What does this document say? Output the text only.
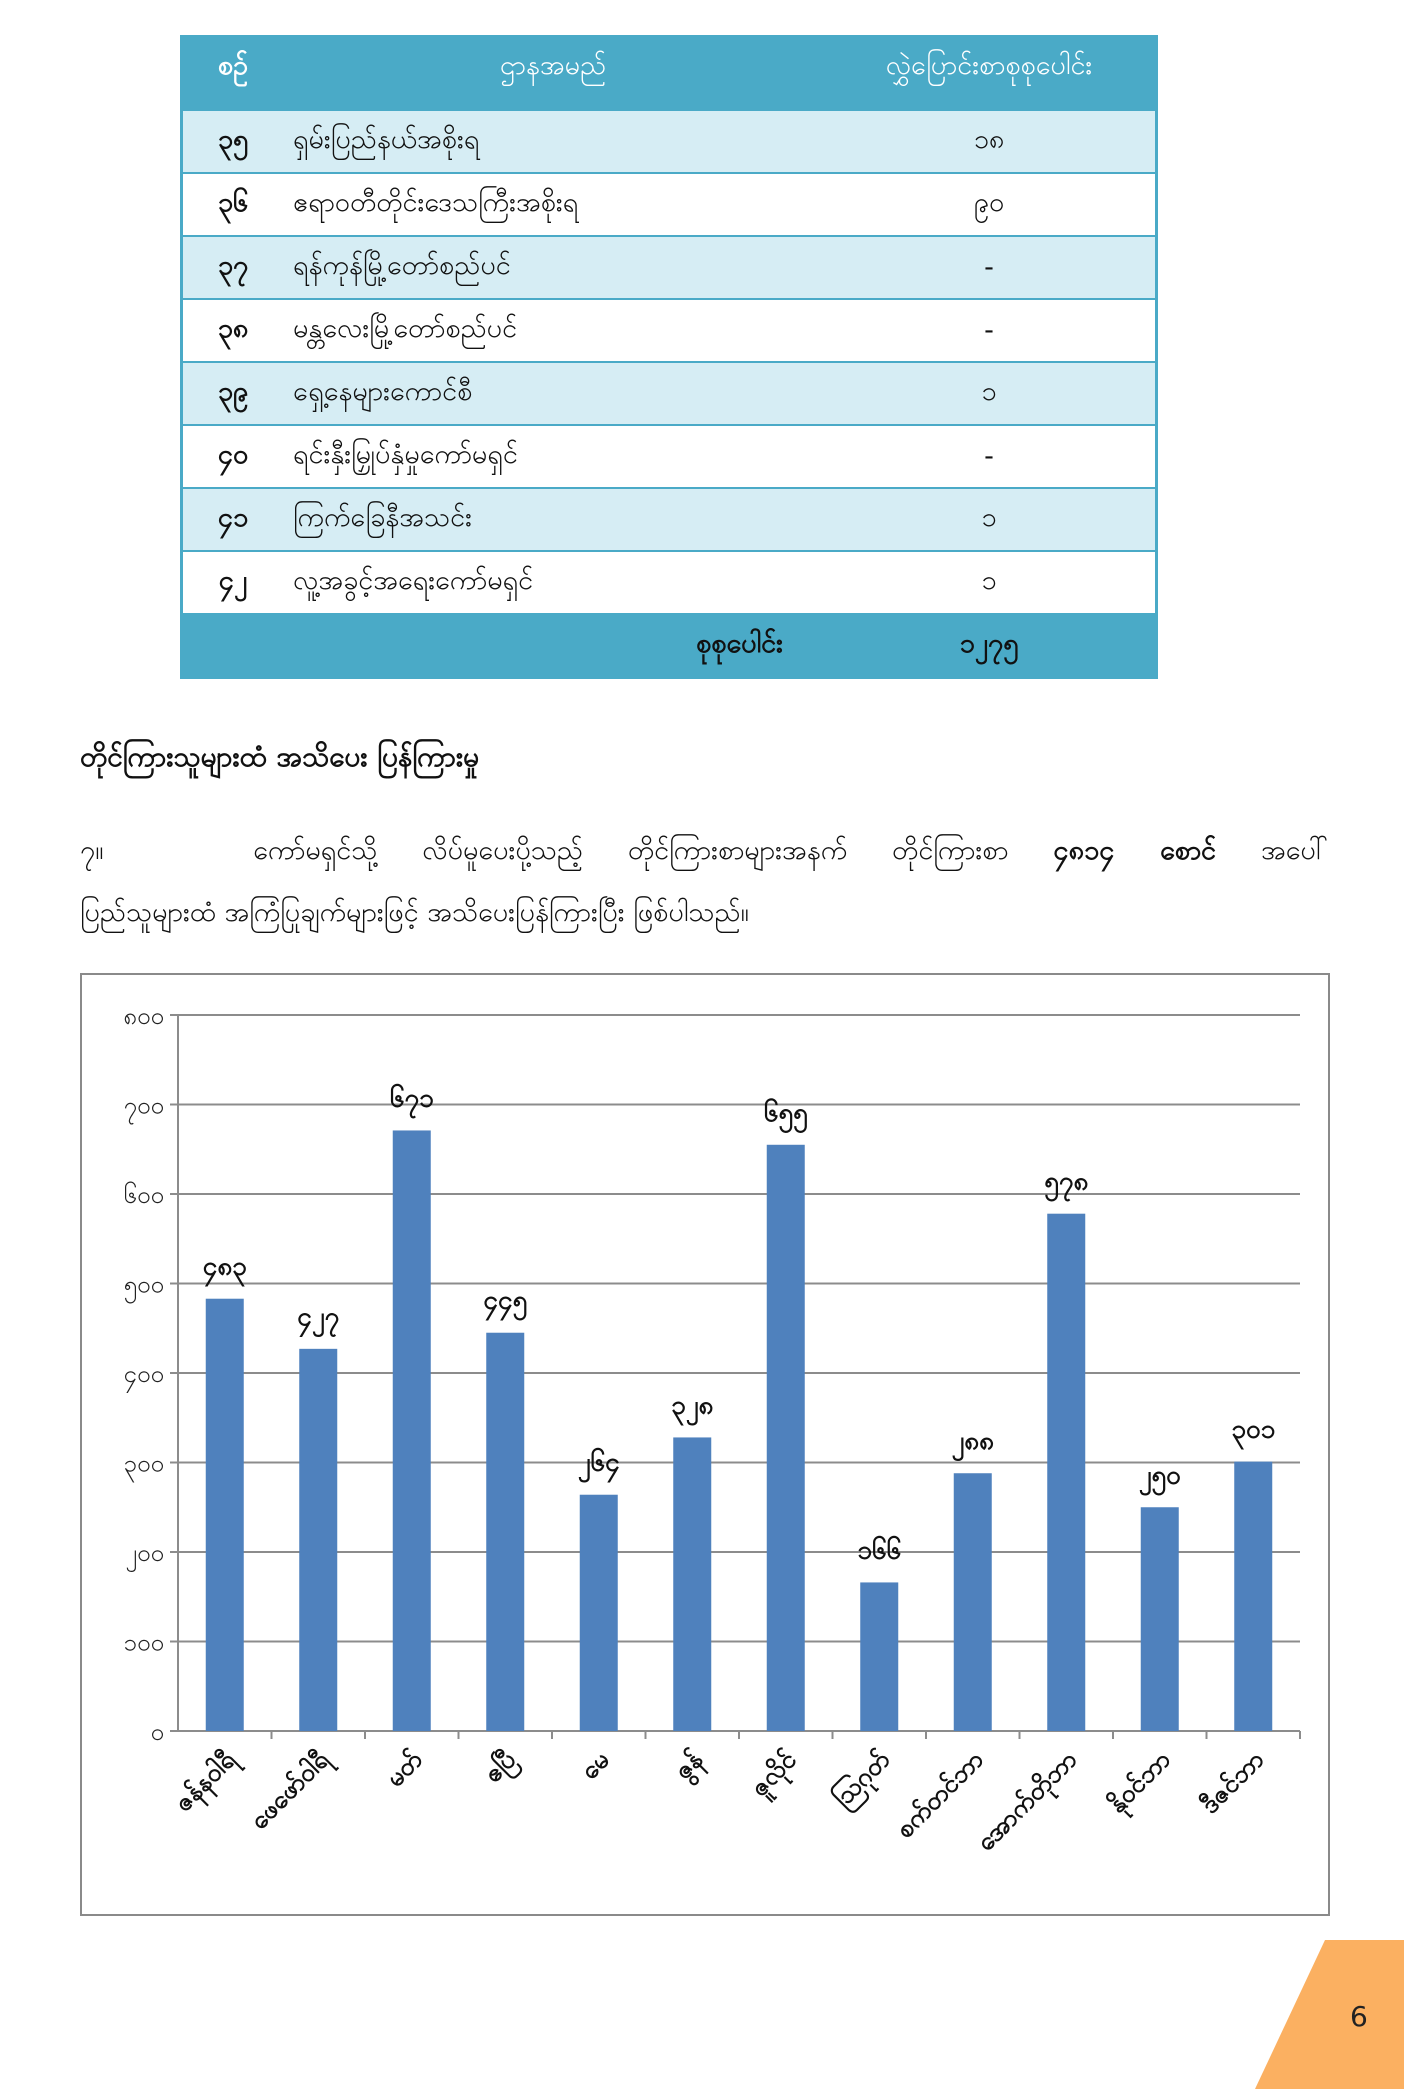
စဉ်	ဌာနအမည်	လွှဲပြောင်းစာစုစုပေါင်း
၃၅	ရှမ်းပြည်နယ်အစိုးရ	၁၈
၃၆	ဧရာဝတီတိုင်းဒေသကြီးအစိုးရ	၉၀
၃၇	ရန်ကုန်မြို့တော်စည်ပင်	-
၃၈	မန္တလေးမြို့တော်စည်ပင်	-
၃၉	ရှေ့နေများကောင်စီ	၁
၄၀	ရင်းနှီးမြှုပ်နှံမှုကော်မရှင်	-
၄၁	ကြက်ခြေနီအသင်း	၁
၄၂	လူ့အခွင့်အရေးကော်မရှင်	၁
	စုစုပေါင်း	၁၂၇၅
တိုင်ကြားသူများထံ အသိပေး ပြန်ကြားမှု
၇။	ကော်မရှင်သို့ လိပ်မူပေးပို့သည့် တိုင်ကြားစာများအနက် တိုင်ကြားစာ ၄၈၁၄ စောင် အပေါ်
ပြည်သူများထံ အကြံပြုချက်များဖြင့် အသိပေးပြန်ကြားပြီး ဖြစ်ပါသည်။
၀
၁၀၀
၂၀၀
၃၀၀
၄၀၀
၅၀၀
၆၀၀
၇၀၀
၈၀၀
၄၈၃
ဇန်နဝါရီ
၄၂၇
ဖေဖော်ဝါရီ
၆၇၁
မတ်
၄၄၅
ဧပြီ
၂၆၄
မေ
၃၂၈
ဇွန်
၆၅၅
ဇူလိုင်
၁၆၆
ဩဂုတ်
၂၈၈
စက်တင်ဘာ
၅၇၈
အောက်တိုဘာ
၂၅၀
နိုဝင်ဘာ
၃၀၁
ဒီဇင်ဘာ
6
